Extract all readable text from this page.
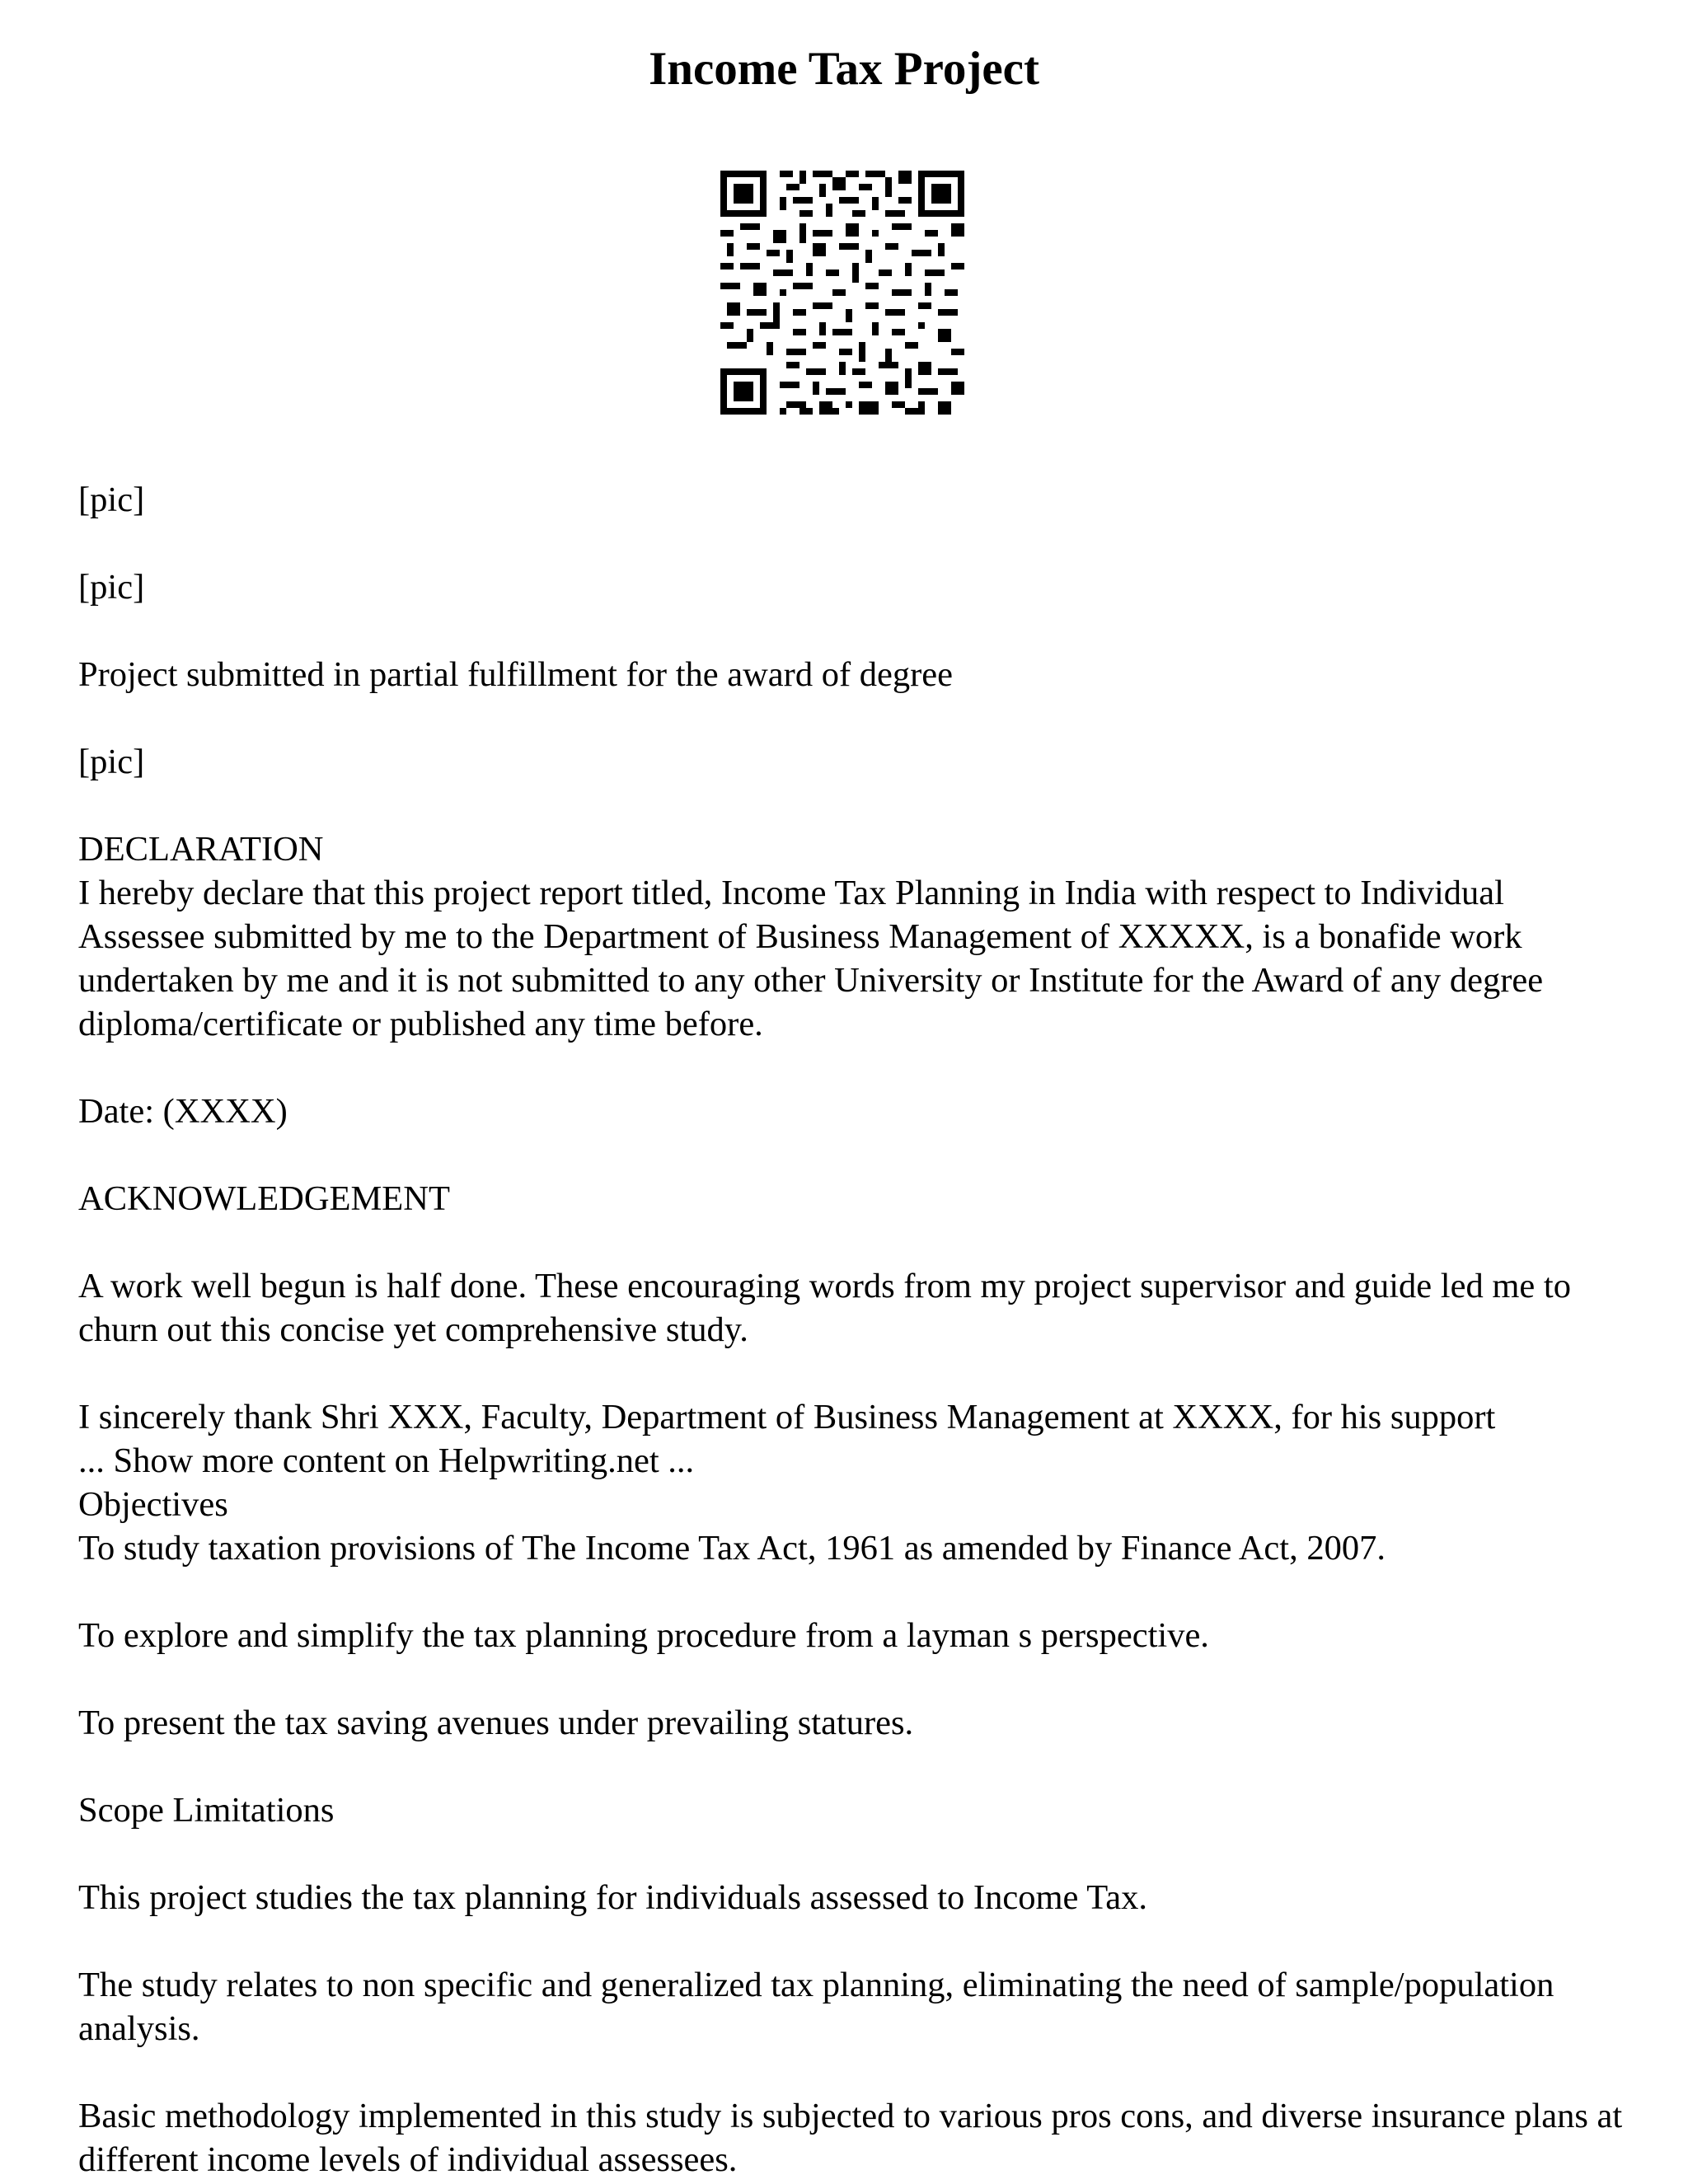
Income Tax Project

[pic]

[pic]

Project submitted in partial fulfillment for the award of degree

[pic]

DECLARATION

I hereby declare that this project report titled, Income Tax Planning in India with respect to Individual Assessee submitted by me to the Department of Business Management of XXXXX, is a bonafide work undertaken by me and it is not submitted to any other University or Institute for the Award of any degree diploma/certificate or published any time before.

Date: (XXXX)

ACKNOWLEDGEMENT

A work well begun is half done. These encouraging words from my project supervisor and guide led me to churn out this concise yet comprehensive study.

I sincerely thank Shri XXX, Faculty, Department of Business Management at XXXX, for his support

... Show more content on Helpwriting.net ...

Objectives

To study taxation provisions of The Income Tax Act, 1961 as amended by Finance Act, 2007.

To explore and simplify the tax planning procedure from a layman s perspective.

To present the tax saving avenues under prevailing statures.

Scope Limitations

This project studies the tax planning for individuals assessed to Income Tax.

The study relates to non specific and generalized tax planning, eliminating the need of sample/population analysis.

Basic methodology implemented in this study is subjected to various pros cons, and diverse insurance plans at different income levels of individual assessees.
